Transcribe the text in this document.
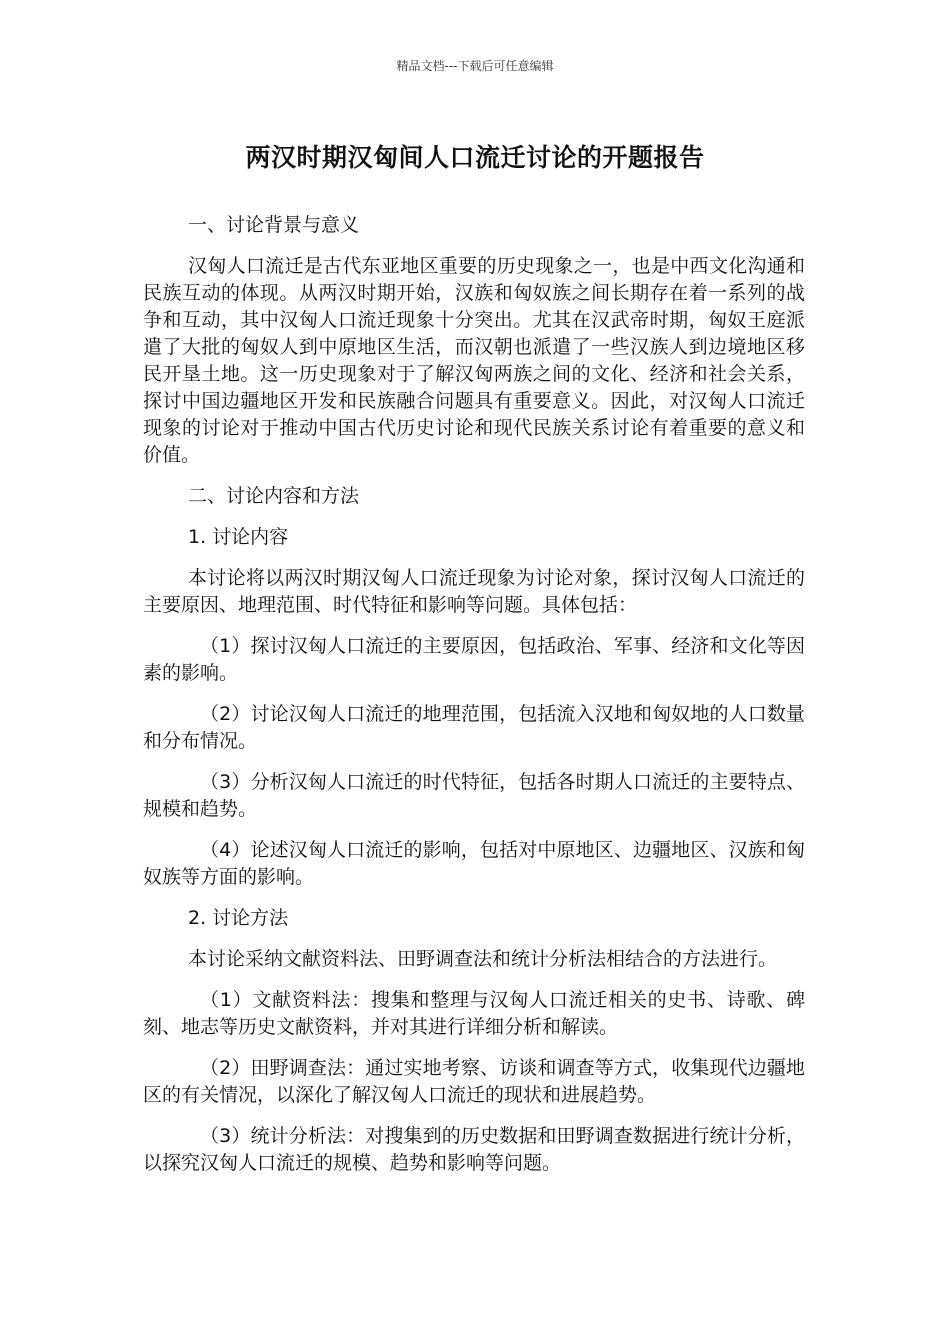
精品文档---下载后可任意编辑
两汉时期汉匈间人口流迁讨论的开题报告

一、讨论背景与意义

汉匈人口流迁是古代东亚地区重要的历史现象之一，也是中西文化沟通和民族互动的体现。从两汉时期开始，汉族和匈奴族之间长期存在着一系列的战争和互动，其中汉匈人口流迁现象十分突出。尤其在汉武帝时期，匈奴王庭派遣了大批的匈奴人到中原地区生活，而汉朝也派遣了一些汉族人到边境地区移民开垦土地。这一历史现象对于了解汉匈两族之间的文化、经济和社会关系，探讨中国边疆地区开发和民族融合问题具有重要意义。因此，对汉匈人口流迁现象的讨论对于推动中国古代历史讨论和现代民族关系讨论有着重要的意义和价值。

二、讨论内容和方法

1. 讨论内容

本讨论将以两汉时期汉匈人口流迁现象为讨论对象，探讨汉匈人口流迁的主要原因、地理范围、时代特征和影响等问题。具体包括：

（1）探讨汉匈人口流迁的主要原因，包括政治、军事、经济和文化等因素的影响。

（2）讨论汉匈人口流迁的地理范围，包括流入汉地和匈奴地的人口数量和分布情况。

（3）分析汉匈人口流迁的时代特征，包括各时期人口流迁的主要特点、规模和趋势。

（4）论述汉匈人口流迁的影响，包括对中原地区、边疆地区、汉族和匈奴族等方面的影响。

2. 讨论方法

本讨论采纳文献资料法、田野调查法和统计分析法相结合的方法进行。

（1）文献资料法：搜集和整理与汉匈人口流迁相关的史书、诗歌、碑刻、地志等历史文献资料，并对其进行详细分析和解读。

（2）田野调查法：通过实地考察、访谈和调查等方式，收集现代边疆地区的有关情况，以深化了解汉匈人口流迁的现状和进展趋势。

（3）统计分析法：对搜集到的历史数据和田野调查数据进行统计分析，以探究汉匈人口流迁的规模、趋势和影响等问题。
